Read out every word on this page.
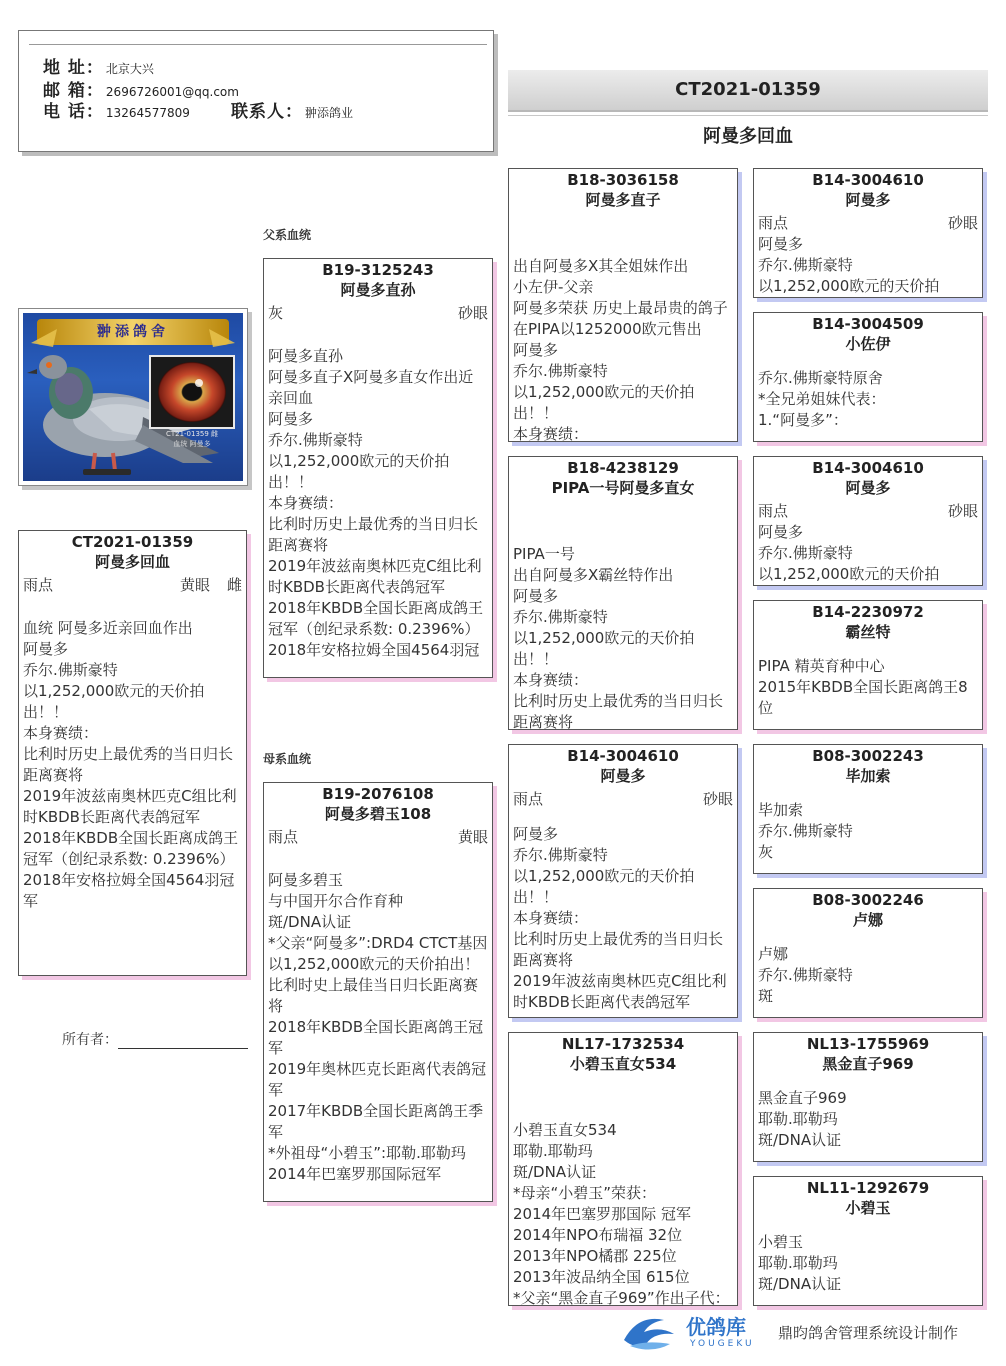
地 址： 北京大兴
邮 箱： 2696726001@qq.com
电 话： 13264577809 联系人： 翀添鸽业
CT2021-01359
阿曼多回血
父系血统
母系血统
翀添鸽舍
CT21-01359 雌
血统 阿曼多
CT2021-01359
阿曼多回血
雨点	黄眼 雌
血统 阿曼多近亲回血作出
阿曼多
乔尔.佛斯豪特
以1,252,000欧元的天价拍出！！
本身赛绩：
比利时历史上最优秀的当日归长距离赛将
2019年波兹南奥林匹克C组比利时KBDB长距离代表鸽冠军
2018年KBDB全国长距离成鸽王冠军（创纪录系数: 0.2396%）
2018年安格拉姆全国4564羽冠军
所有者：
B19-3125243
阿曼多直孙
灰	砂眼
阿曼多直孙
阿曼多直子X阿曼多直女作出近亲回血
阿曼多
乔尔.佛斯豪特
以1,252,000欧元的天价拍出！！
本身赛绩：
比利时历史上最优秀的当日归长距离赛将
2019年波兹南奥林匹克C组比利时KBDB长距离代表鸽冠军
2018年KBDB全国长距离成鸽王冠军（创纪录系数: 0.2396%）
2018年安格拉姆全国4564羽冠
B19-2076108
阿曼多碧玉108
雨点	黄眼
阿曼多碧玉
与中国开尔合作育种
斑/DNA认证
*父亲“阿曼多”:DRD4 CTCT基因
以1,252,000欧元的天价拍出！
比利时史上最佳当日归长距离赛将
2018年KBDB全国长距离鸽王冠军
2019年奥林匹克长距离代表鸽冠军
2017年KBDB全国长距离鸽王季军
*外祖母“小碧玉”:耶勒.耶勒玛
2014年巴塞罗那国际冠军
B18-3036158
阿曼多直子
出自阿曼多X其全姐妹作出
小左伊-父亲
阿曼多荣获 历史上最昂贵的鸽子 在PIPA以1252000欧元售出
阿曼多
乔尔.佛斯豪特
以1,252,000欧元的天价拍出！！
本身赛绩：
B18-4238129
PIPA一号阿曼多直女
PIPA一号
出自阿曼多X霸丝特作出
阿曼多
乔尔.佛斯豪特
以1,252,000欧元的天价拍出！！
本身赛绩：
比利时历史上最优秀的当日归长距离赛将
B14-3004610
阿曼多
雨点	砂眼
阿曼多
乔尔.佛斯豪特
以1,252,000欧元的天价拍出！！
本身赛绩：
比利时历史上最优秀的当日归长距离赛将
2019年波兹南奥林匹克C组比利时KBDB长距离代表鸽冠军
NL17-1732534
小碧玉直女534
小碧玉直女534
耶勒.耶勒玛
斑/DNA认证
*母亲“小碧玉”荣获：
2014年巴塞罗那国际 冠军
2014年NPO布瑞福 32位
2013年NPO橘郡 225位
2013年波品纳全国 615位
*父亲“黑金直子969”作出子代：
B14-3004610
阿曼多
雨点	砂眼
阿曼多
乔尔.佛斯豪特
以1,252,000欧元的天价拍
B14-3004509
小佐伊
乔尔.佛斯豪特原舍
*全兄弟姐妹代表：
1.“阿曼多”：
B14-3004610
阿曼多
雨点	砂眼
阿曼多
乔尔.佛斯豪特
以1,252,000欧元的天价拍
B14-2230972
霸丝特
PIPA 精英育种中心
2015年KBDB全国长距离鸽王8位
B08-3002243
毕加索
毕加索
乔尔.佛斯豪特
灰
B08-3002246
卢娜
卢娜
乔尔.佛斯豪特
斑
NL13-1755969
黑金直子969
黑金直子969
耶勒.耶勒玛
斑/DNA认证
NL11-1292679
小碧玉
小碧玉
耶勒.耶勒玛
斑/DNA认证
优鸽库
YOUGEKU
鼎昀鸽舍管理系统设计制作
